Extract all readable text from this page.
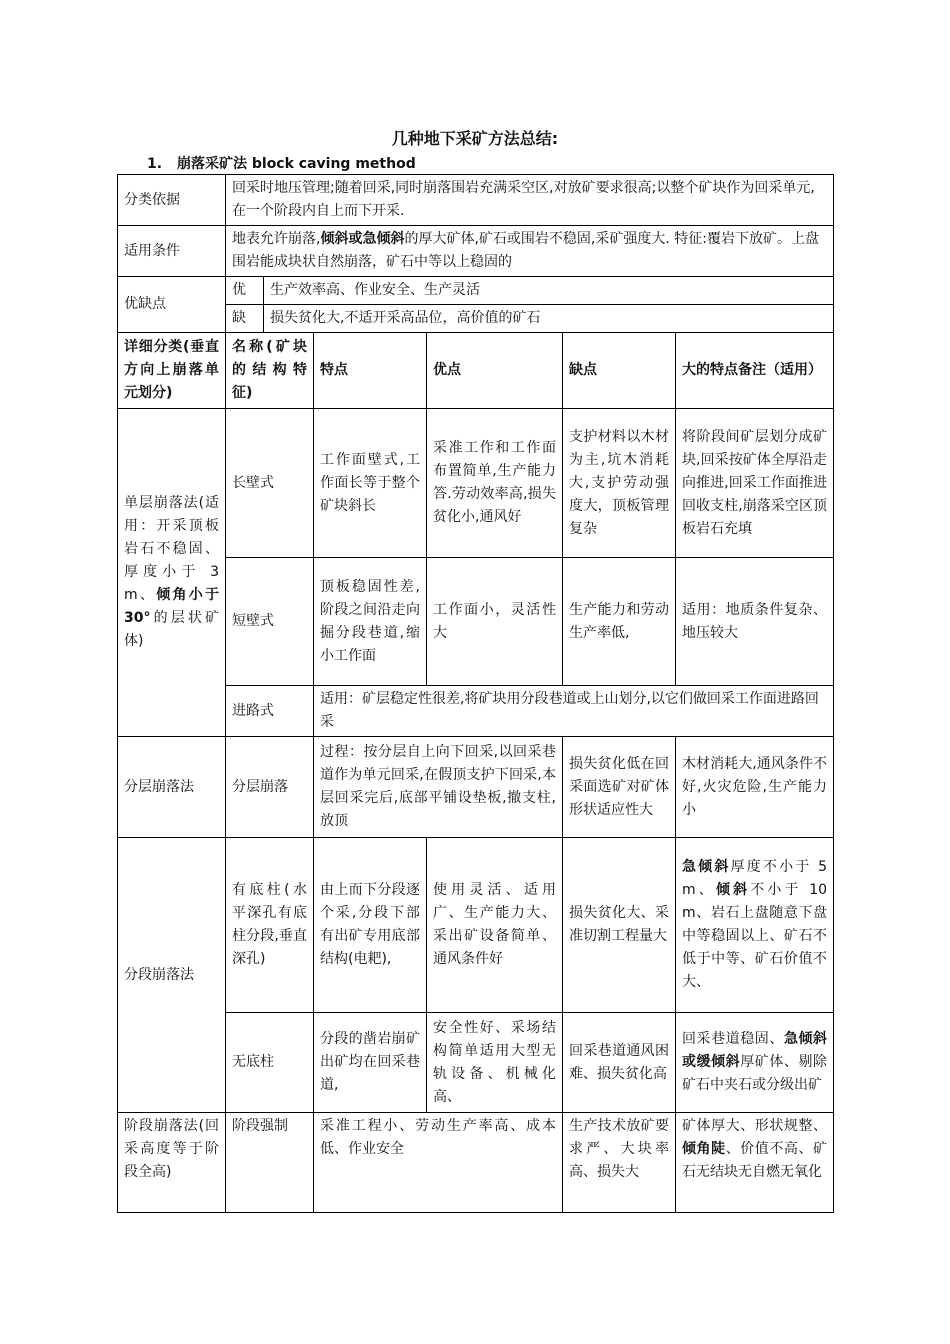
几种地下采矿方法总结:
1. 崩落采矿法 block caving method
分类依据	回采时地压管理;随着回采,同时崩落围岩充满采空区,对放矿要求很高;以整个矿块作为回采单元,在一个阶段内自上而下开采.					
适用条件	地表允许崩落,倾斜或急倾斜的厚大矿体,矿石或围岩不稳固,采矿强度大. 特征:覆岩下放矿。上盘围岩能成块状自然崩落，矿石中等以上稳固的					
优缺点	优	生产效率高、作业安全、生产灵活				
	缺	损失贫化大,不适开采高品位，高价值的矿石				
详细分类(垂直方向上崩落单元划分)	名称(矿块的结构特征)		特点	优点	缺点	大的特点备注（适用）
单层崩落法(适用：开采顶板岩石不稳固、厚度小于 3m、倾角小于 30°的层状矿体)	长壁式		工作面壁式,工作面长等于整个矿块斜长	采准工作和工作面布置简单,生产能力答.劳动效率高,损失贫化小,通风好	支护材料以木材为主,坑木消耗大,支护劳动强度大，顶板管理复杂	将阶段间矿层划分成矿块,回采按矿体全厚沿走向推进,回采工作面推进回收支柱,崩落采空区顶板岩石充填
	短壁式		顶板稳固性差,阶段之间沿走向掘分段巷道,缩小工作面	工作面小，灵活性大	生产能力和劳动生产率低,	适用：地质条件复杂、地压较大
	进路式		适用：矿层稳定性很差,将矿块用分段巷道或上山划分,以它们做回采工作面进路回采			
分层崩落法	分层崩落		过程：按分层自上向下回采,以回采巷道作为单元回采,在假顶支护下回采,本层回采完后,底部平铺设垫板,撤支柱,放顶		损失贫化低在回采面选矿对矿体形状适应性大	木材消耗大,通风条件不好,火灾危险,生产能力小
分段崩落法	有底柱(水平深孔有底柱分段,垂直深孔)		由上而下分段逐个采,分段下部有出矿专用底部结构(电耙),	使用灵活、适用广、生产能力大、采出矿设备简单、通风条件好	损失贫化大、采准切割工程量大	急倾斜厚度不小于 5m、倾斜不小于 10m、岩石上盘随意下盘中等稳固以上、矿石不低于中等、矿石价值不大、
	无底柱		分段的凿岩崩矿出矿均在回采巷道,	安全性好、采场结构简单适用大型无轨设备、机械化高、	回采巷道通风困难、损失贫化高	回采巷道稳固、急倾斜或缓倾斜厚矿体、剔除矿石中夹石或分级出矿
阶段崩落法(回采高度等于阶段全高)	阶段强制		采准工程小、劳动生产率高、成本低、作业安全		生产技术放矿要求严、大块率高、损失大	矿体厚大、形状规整、倾角陡、价值不高、矿石无结块无自燃无氧化
